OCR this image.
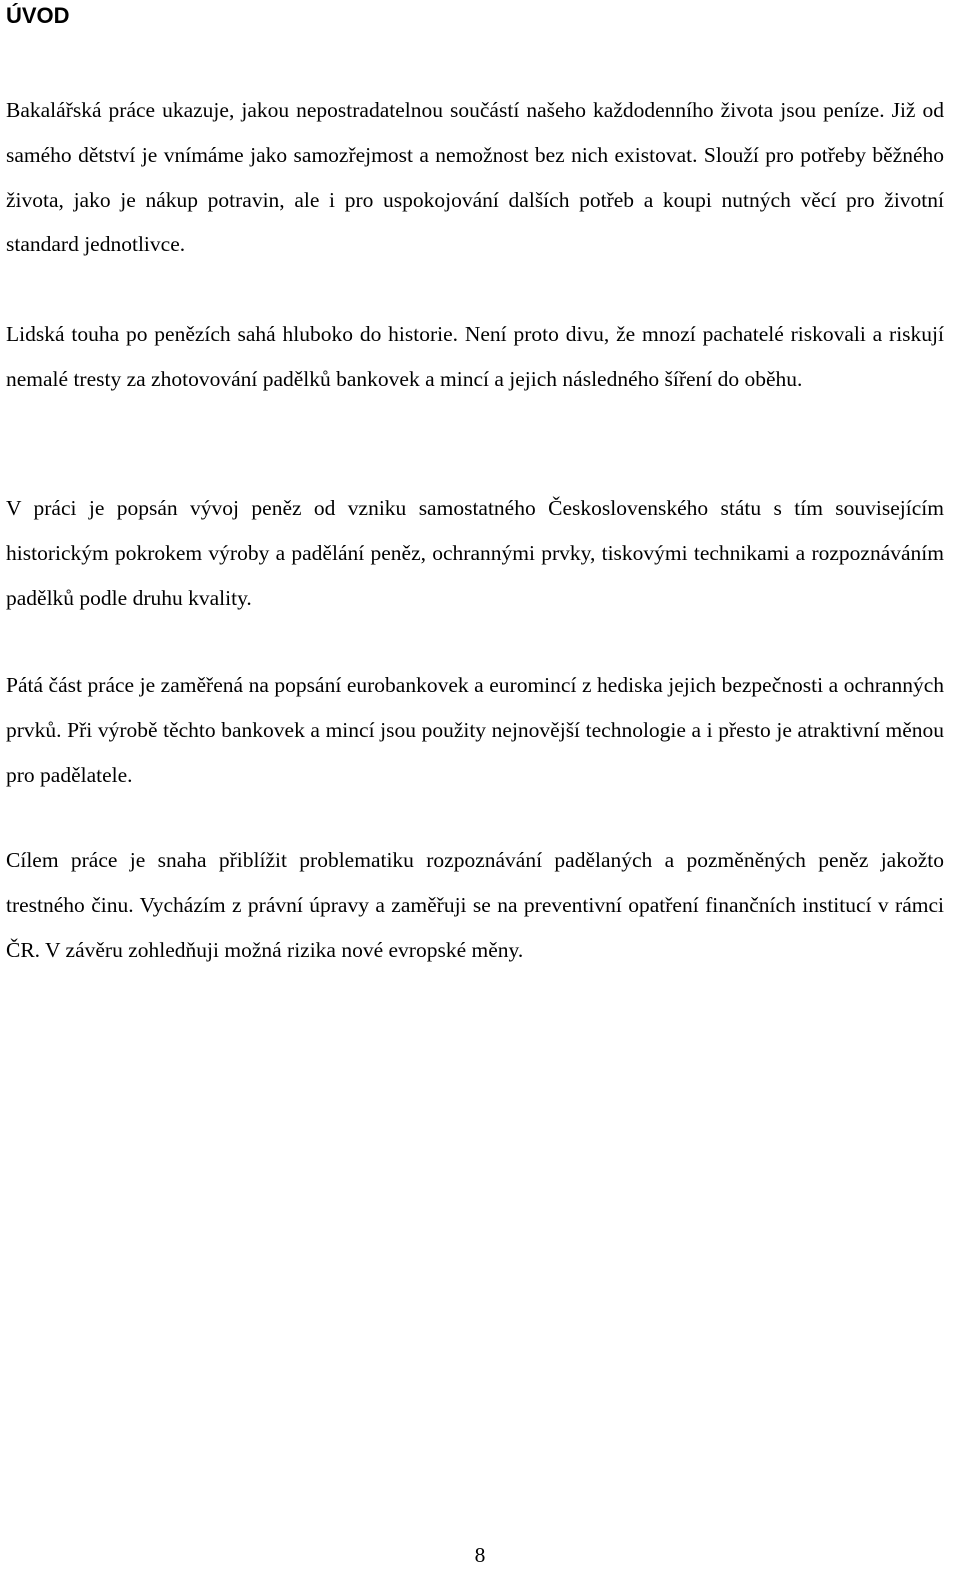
ÚVOD

Bakalářská práce ukazuje, jakou nepostradatelnou součástí našeho každodenního života jsou peníze. Již od samého dětství je vnímáme jako samozřejmost a nemožnost bez nich existovat. Slouží pro potřeby běžného života, jako je nákup potravin, ale i pro uspokojování dalších potřeb a koupi nutných věcí pro životní standard jednotlivce.

Lidská touha po penězích sahá hluboko do historie. Není proto divu, že mnozí pachatelé riskovali a riskují nemalé tresty za zhotovování padělků bankovek a mincí a jejich následného šíření do oběhu.

V práci je popsán vývoj peněz od vzniku samostatného Československého státu s tím souvisejícím historickým pokrokem výroby a padělání peněz, ochrannými prvky, tiskovými technikami a rozpoznáváním padělků podle druhu kvality.

Pátá část práce je zaměřená na popsání eurobankovek a euromincí z hediska jejich bezpečnosti a ochranných prvků. Při výrobě těchto bankovek a mincí jsou použity nejnovější technologie a i přesto je atraktivní měnou pro padělatele.

Cílem práce je snaha přiblížit problematiku rozpoznávání padělaných a pozměněných peněz jakožto trestného činu. Vycházím z právní úpravy a zaměřuji se na preventivní opatření finančních institucí v rámci ČR. V závěru zohledňuji možná rizika nové evropské měny.

8
